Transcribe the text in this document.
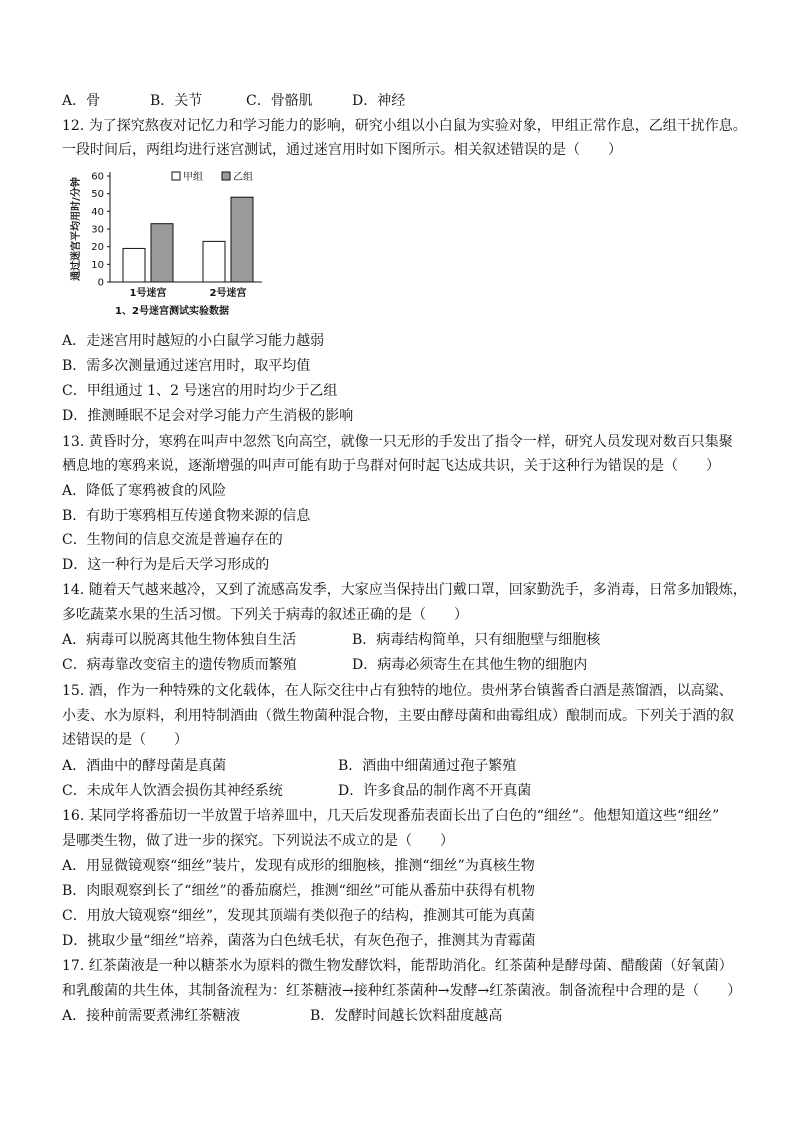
A．骨	B．关节	C．骨骼肌	D．神经
12. 为了探究熬夜对记忆力和学习能力的影响，研究小组以小白鼠为实验对象，甲组正常作息，乙组干扰作息。
一段时间后，两组均进行迷宫测试，通过迷宫用时如下图所示。相关叙述错误的是（　　）
通过迷宫平均用时/分钟
0
10
20
30
40
50
60
1号迷宫	2号迷宫
甲组	乙组
1、2号迷宫测试实验数据
A．走迷宫用时越短的小白鼠学习能力越弱
B．需多次测量通过迷宫用时，取平均值
C．甲组通过 1、2 号迷宫的用时均少于乙组
D．推测睡眠不足会对学习能力产生消极的影响
13. 黄昏时分，寒鸦在叫声中忽然飞向高空，就像一只无形的手发出了指令一样，研究人员发现对数百只集聚
栖息地的寒鸦来说，逐渐增强的叫声可能有助于鸟群对何时起飞达成共识，关于这种行为错误的是（　　）
A．降低了寒鸦被食的风险
B．有助于寒鸦相互传递食物来源的信息
C．生物间的信息交流是普遍存在的
D．这一种行为是后天学习形成的
14. 随着天气越来越冷，又到了流感高发季，大家应当保持出门戴口罩，回家勤洗手，多消毒，日常多加锻炼，
多吃蔬菜水果的生活习惯。下列关于病毒的叙述正确的是（　　）
A．病毒可以脱离其他生物体独自生活	B．病毒结构简单，只有细胞壁与细胞核
C．病毒靠改变宿主的遗传物质而繁殖	D．病毒必须寄生在其他生物的细胞内
15. 酒，作为一种特殊的文化载体，在人际交往中占有独特的地位。贵州茅台镇酱香白酒是蒸馏酒，以高粱、
小麦、水为原料，利用特制酒曲（微生物菌种混合物，主要由酵母菌和曲霉组成）酿制而成。下列关于酒的叙
述错误的是（　　）
A．酒曲中的酵母菌是真菌	B．酒曲中细菌通过孢子繁殖
C．未成年人饮酒会损伤其神经系统	D．许多食品的制作离不开真菌
16. 某同学将番茄切一半放置于培养皿中，几天后发现番茄表面长出了白色的“细丝”。他想知道这些“细丝”
是哪类生物，做了进一步的探究。下列说法不成立的是（　　）
A．用显微镜观察“细丝”装片，发现有成形的细胞核，推测“细丝”为真核生物
B．肉眼观察到长了“细丝”的番茄腐烂，推测“细丝”可能从番茄中获得有机物
C．用放大镜观察“细丝”，发现其顶端有类似孢子的结构，推测其可能为真菌
D．挑取少量“细丝”培养，菌落为白色绒毛状，有灰色孢子，推测其为青霉菌
17. 红茶菌液是一种以糖茶水为原料的微生物发酵饮料，能帮助消化。红茶菌种是酵母菌、醋酸菌（好氧菌）
和乳酸菌的共生体，其制备流程为：红茶糖液→接种红茶菌种→发酵→红茶菌液。制备流程中合理的是（　　）
A．接种前需要煮沸红茶糖液	B．发酵时间越长饮料甜度越高
